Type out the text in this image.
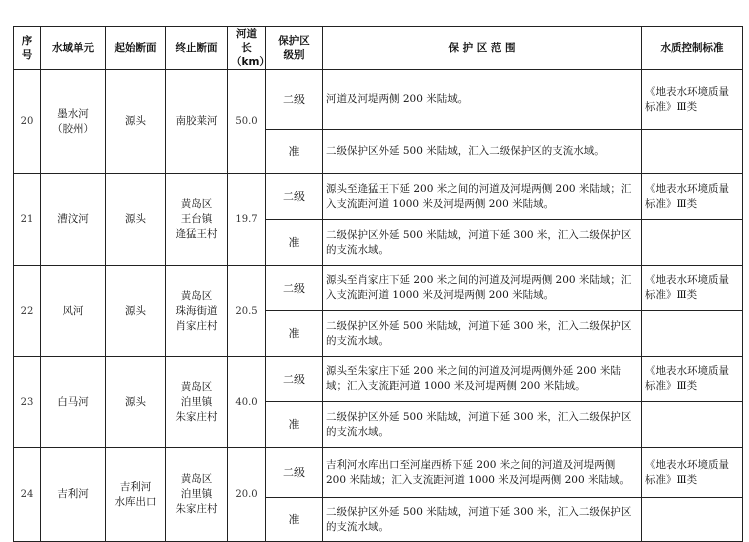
序
号	水域单元	起始断面	终止断面	河道长
（km）	保护区
级别	保 护 区 范 围	水质控制标准
20	墨水河
（胶州）	源头	南胶莱河	50.0	二级	河道及河堤两侧 200 米陆域。	《地表水环境质量标准》Ⅲ类
					准	二级保护区外延 500 米陆域，汇入二级保护区的支流水域。	
21	漕汶河	源头	黄岛区
王台镇
逄猛王村	19.7	二级	源头至逄猛王下延 200 米之间的河道及河堤两侧 200 米陆域；汇入支流距河道 1000 米及河堤两侧 200 米陆域。	《地表水环境质量标准》Ⅲ类
					准	二级保护区外延 500 米陆域，河道下延 300 米，汇入二级保护区的支流水域。	
22	风河	源头	黄岛区
珠海街道
肖家庄村	20.5	二级	源头至肖家庄下延 200 米之间的河道及河堤两侧 200 米陆域；汇入支流距河道 1000 米及河堤两侧 200 米陆域。	《地表水环境质量标准》Ⅲ类
					准	二级保护区外延 500 米陆域，河道下延 300 米，汇入二级保护区的支流水域。	
23	白马河	源头	黄岛区
泊里镇
朱家庄村	40.0	二级	源头至朱家庄下延 200 米之间的河道及河堤两侧外延 200 米陆域；汇入支流距河道 1000 米及河堤两侧 200 米陆域。	《地表水环境质量标准》Ⅲ类
					准	二级保护区外延 500 米陆域，河道下延 300 米，汇入二级保护区的支流水域。	
24	吉利河	吉利河
水库出口	黄岛区
泊里镇
朱家庄村	20.0	二级	吉利河水库出口至河崖西桥下延 200 米之间的河道及河堤两侧 200 米陆域；汇入支流距河道 1000 米及河堤两侧 200 米陆域。	《地表水环境质量标准》Ⅲ类
					准	二级保护区外延 500 米陆域，河道下延 300 米，汇入二级保护区的支流水域。	
